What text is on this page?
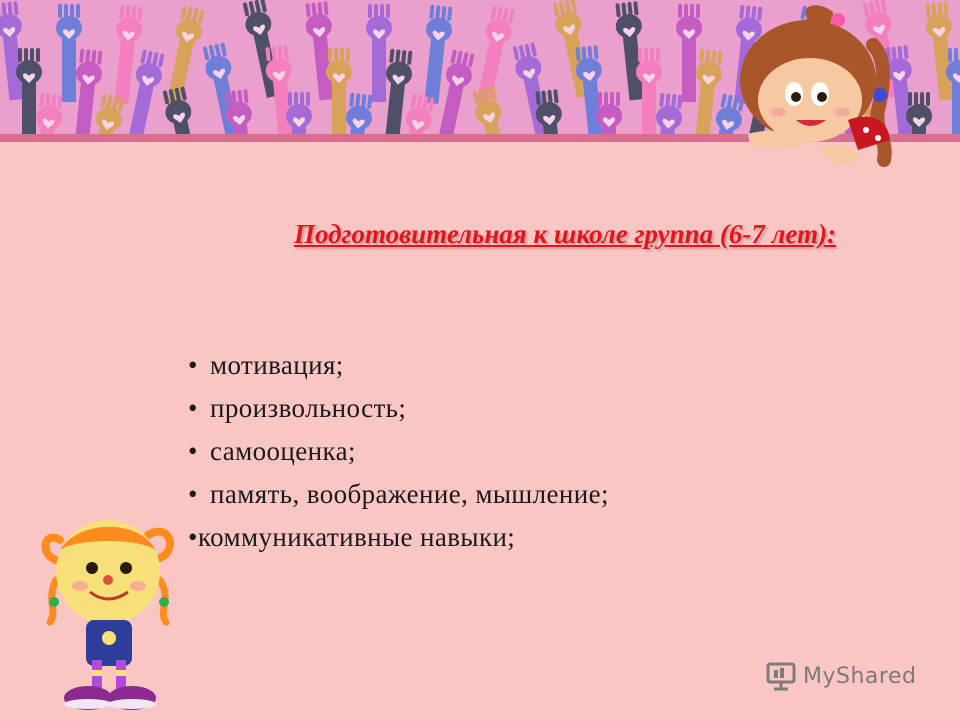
Подготовительная к школе группа (6-7 лет):
• мотивация;
• произвольность;
• самооценка;
• память, воображение, мышление;
•коммуникативные навыки;
MyShared
